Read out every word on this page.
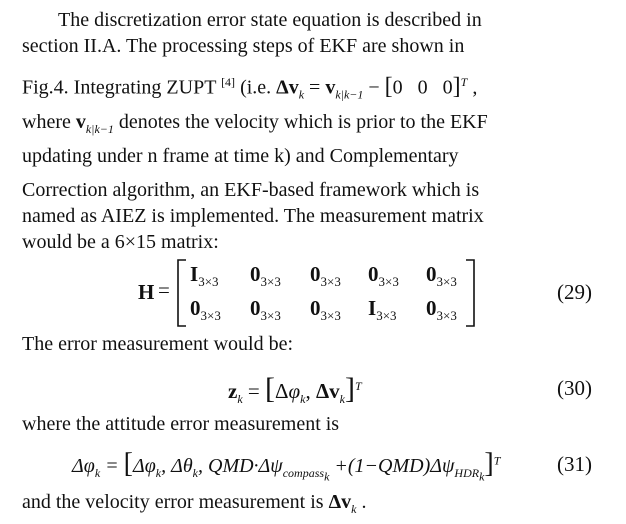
The discretization error state equation is described in
section II.A. The processing steps of EKF are shown in
Fig.4. Integrating ZUPT [4] (i.e. $\Delta v_k = v_{k|k-1} - [0$   0   0]$^T$ ,
where $v_{k|k-1}$ denotes the velocity which is prior to the EKF
updating under n frame at time k) and Complementary
Correction algorithm, an EKF-based framework which is
named as AIEZ is implemented. The measurement matrix
would be a 6×15 matrix:
H =
$I_{3\times 3}$ $0_{3\times 3}$ $0_{3\times 3}$ $0_{3\times 3}$ $0_{3\times 3}$
$0_{3\times 3}$ $0_{3\times 3}$ $0_{3\times 3}$ $I_{3\times 3}$ $0_{3\times 3}$
(29)
The error measurement would be:
$z_k = [\Delta\varphi_k$, $\Delta v_k]^T$	(30)
where the attitude error measurement is
$\Delta\varphi_k = [\Delta\varphi_k$, $\Delta\theta_k$, $QMD\cdot\Delta\psi_{compass_k} +(1-QMD)\Delta\psi_{HDR_k}]^T$	(31)
and the velocity error measurement is $\Delta v_k$ .
